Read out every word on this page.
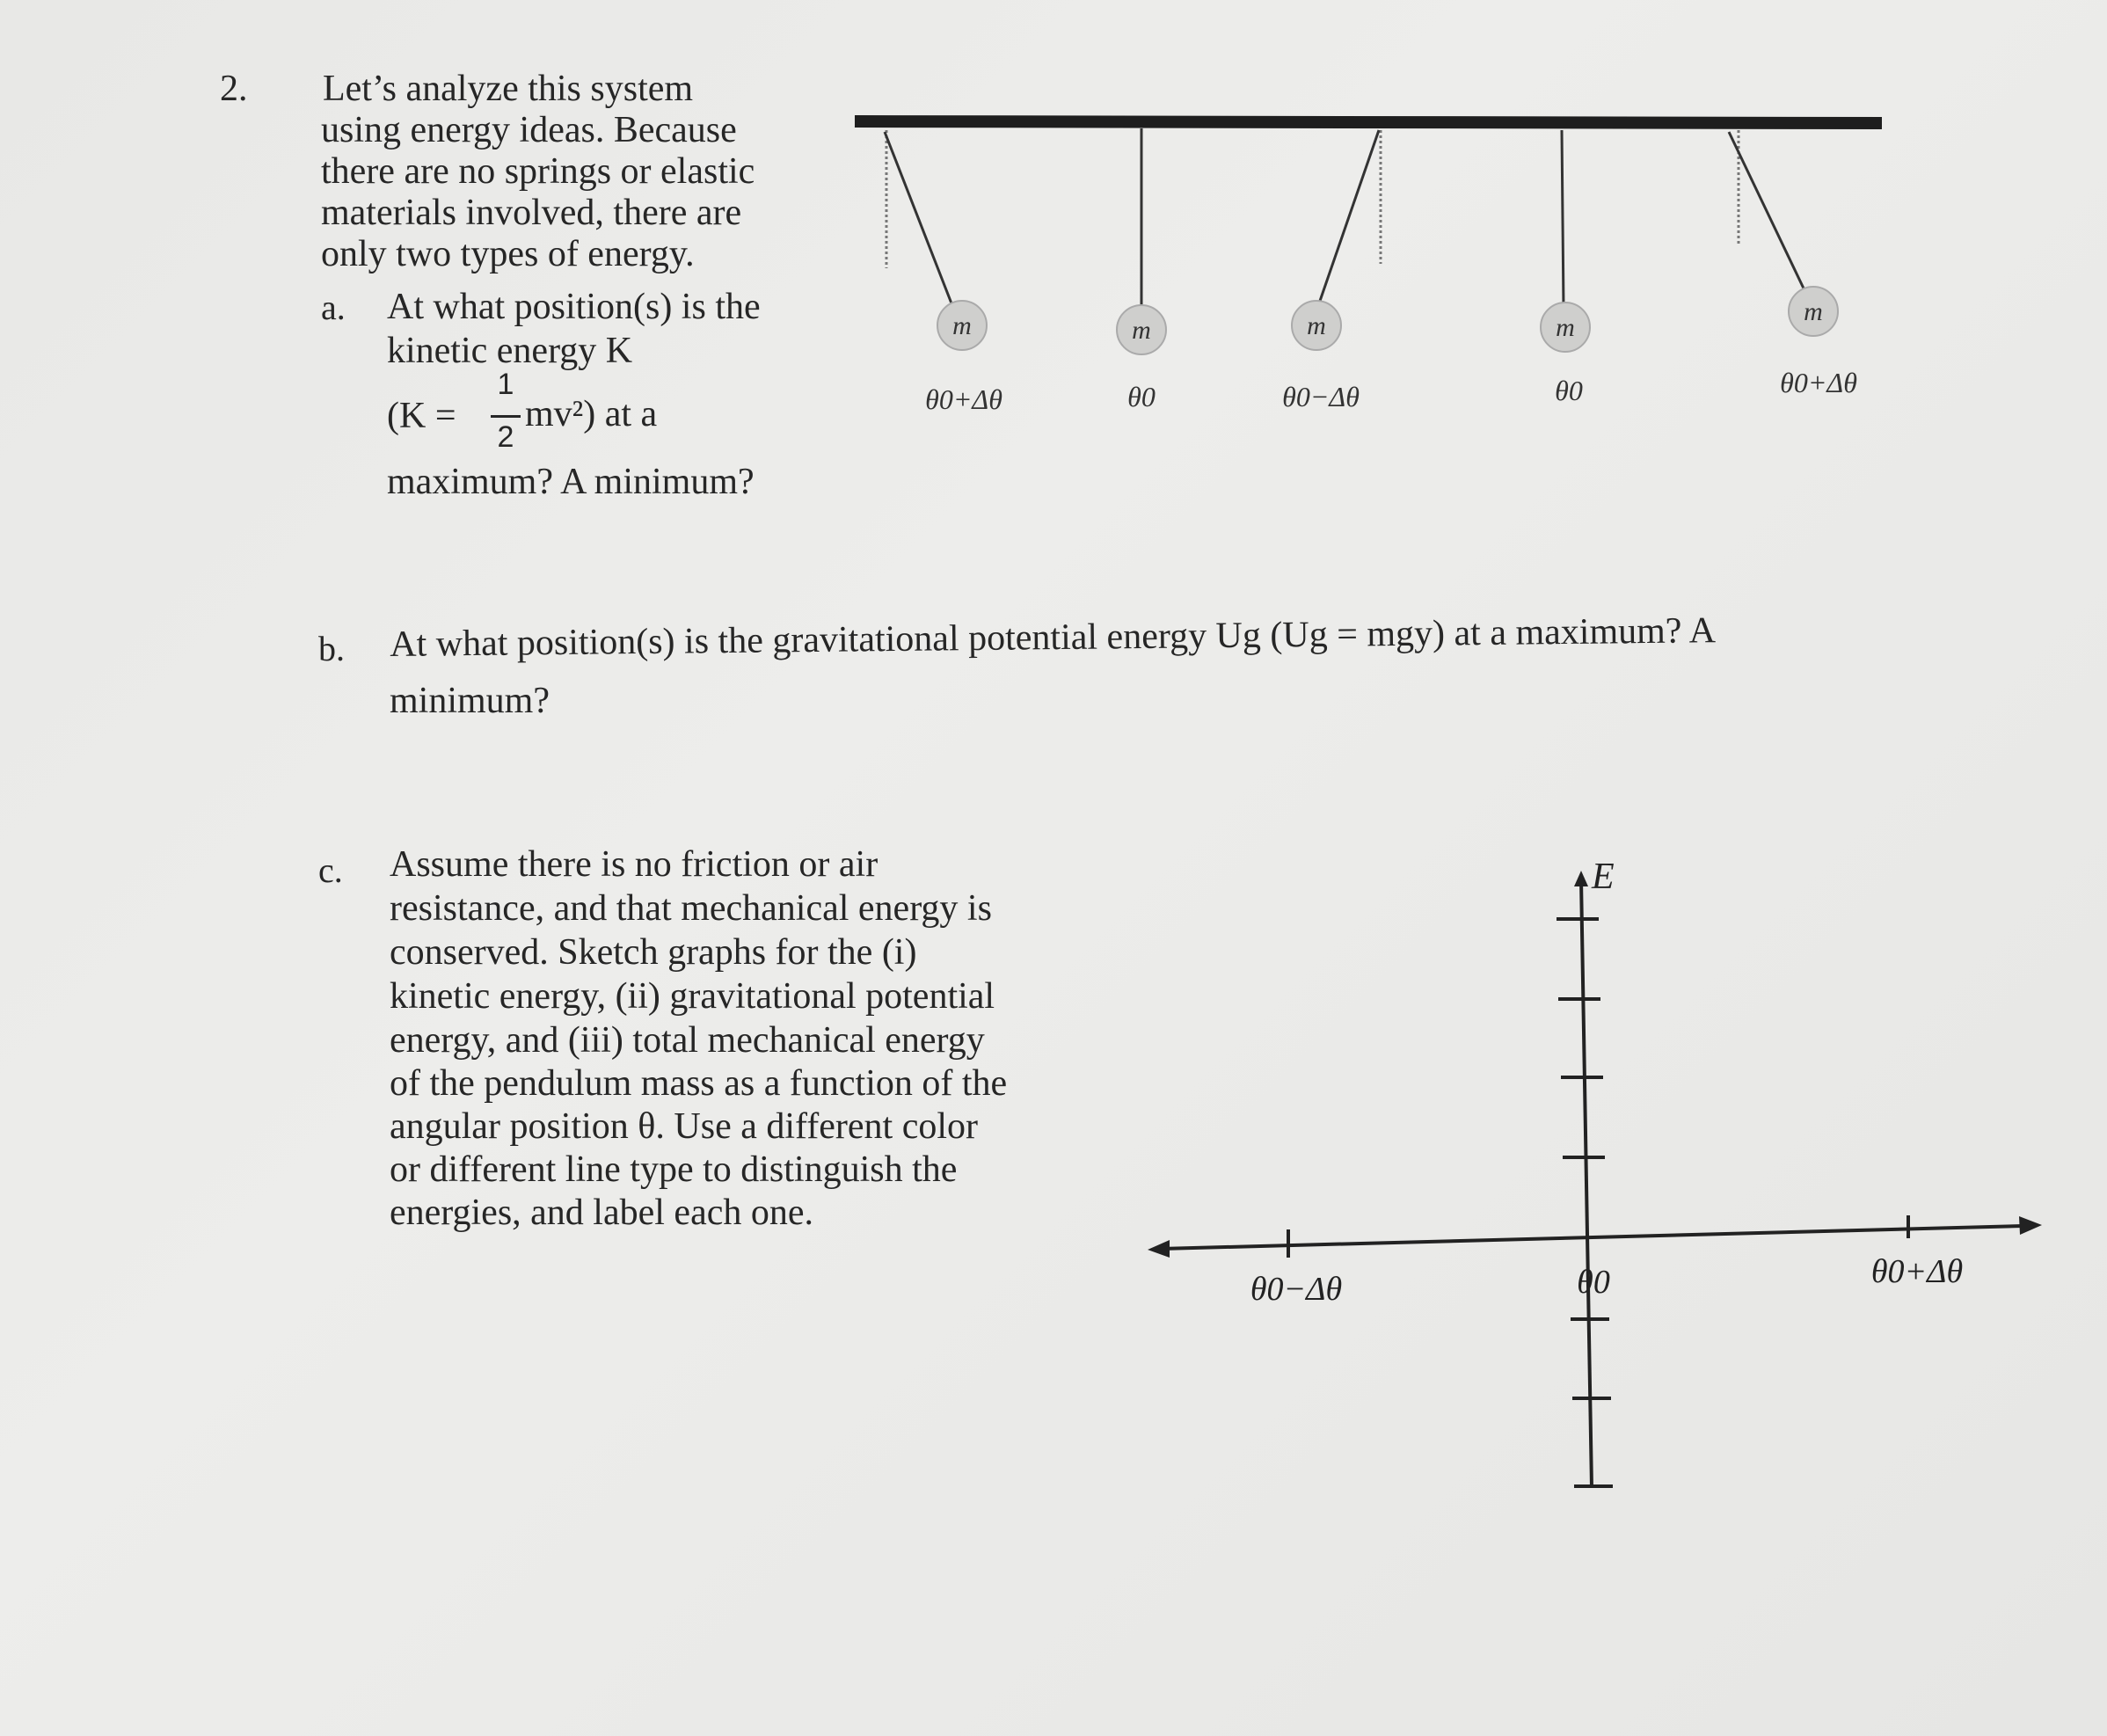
2. Let’s analyze this system
using energy ideas. Because
there are no springs or elastic
materials involved, there are
only two types of energy.
a. At what position(s) is the
kinetic energy K
(K =
1
2
mv²) at a
maximum? A minimum?
b. At what position(s) is the gravitational potential energy Ug (Ug = mgy) at a maximum? A
minimum?
c. Assume there is no friction or air
resistance, and that mechanical energy is
conserved. Sketch graphs for the (i)
kinetic energy, (ii) gravitational potential
energy, and (iii) total mechanical energy
of the pendulum mass as a function of the
angular position θ. Use a different color
or different line type to distinguish the
energies, and label each one.
m	m	m	m
m
θ0+Δθ	θ0	θ0−Δθ	θ0	θ0+Δθ
E
θ0−Δθ	θ0	θ0+Δθ
